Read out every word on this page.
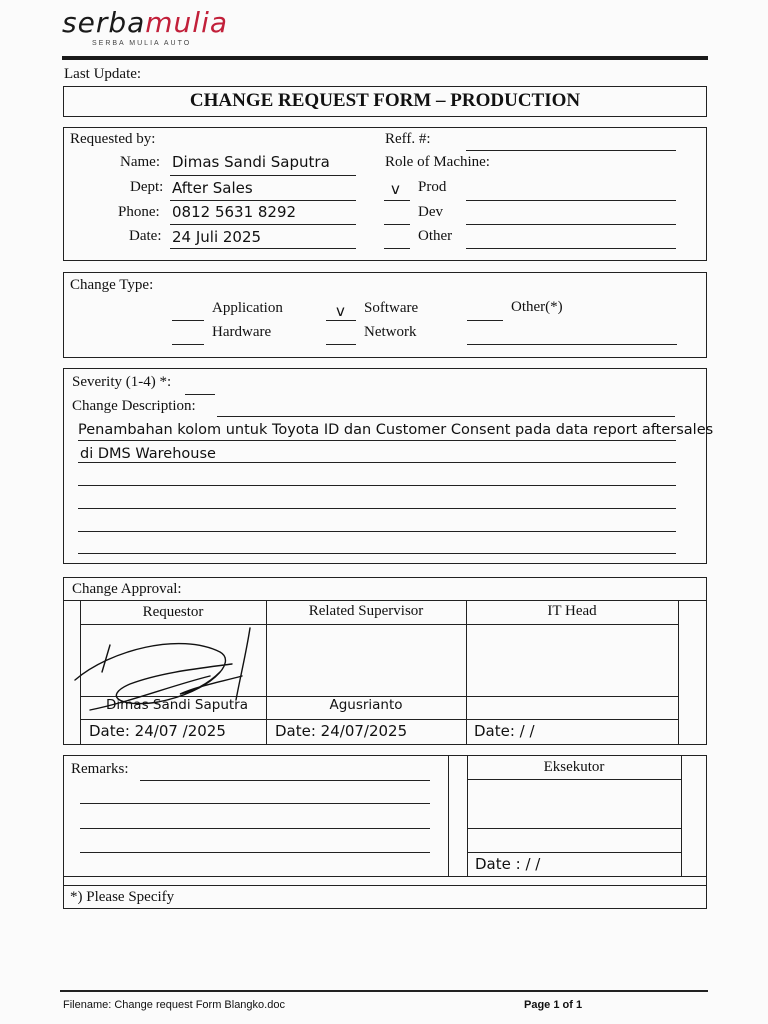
serbamulia
SERBA MULIA AUTO
Last Update:
CHANGE REQUEST FORM – PRODUCTION
Requested by:
Name: Dimas Sandi Saputra
Dept: After Sales
Phone: 0812 5631 8292
Date: 24 Juli 2025
Reff. #:
Role of Machine:
v Prod
Dev
Other
Change Type:
Application	v Software	Other(*)
Hardware	Network
Severity (1-4) *:
Change Description:
Penambahan kolom untuk Toyota ID dan Customer Consent pada data report aftersales
di DMS Warehouse
Change Approval:
Requestor	Related Supervisor	IT Head
Dimas Sandi Saputra	Agusrianto
Date: 24/07 /2025	Date: 24/07/2025	Date: / /
Remarks:	Eksekutor
Date : / /
*) Please Specify
Filename: Change request Form Blangko.doc	Page 1 of 1
